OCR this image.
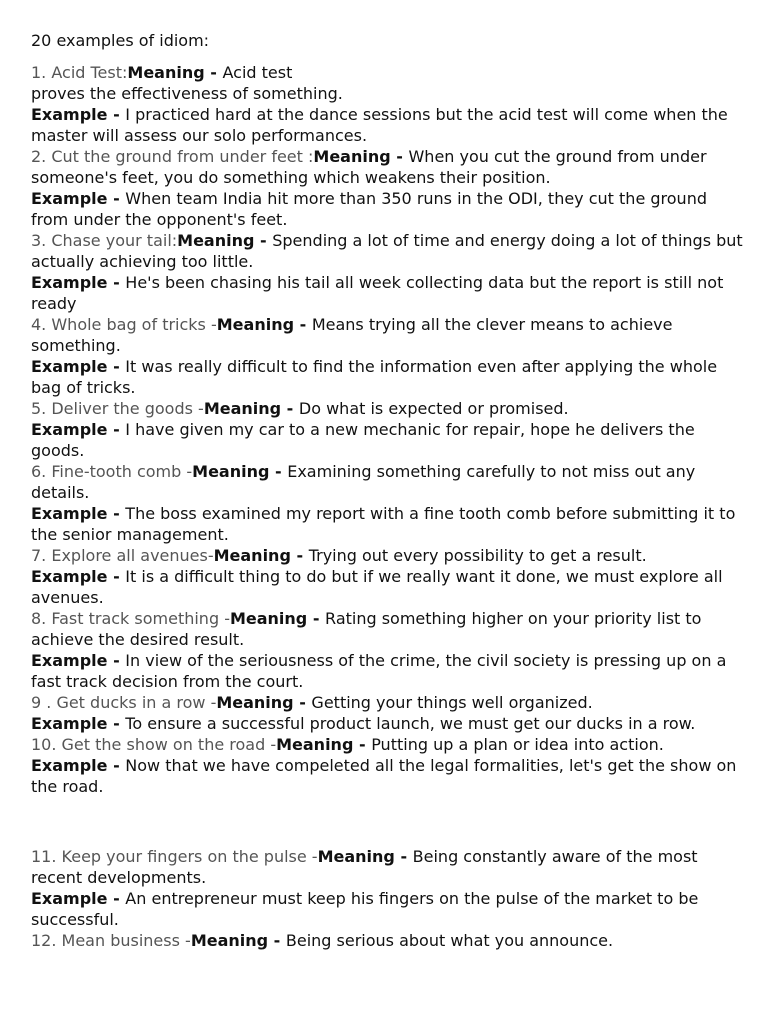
20 examples of idiom:
1. Acid Test:Meaning - Acid test
proves the effectiveness of something.
Example - I practiced hard at the dance sessions but the acid test will come when the master will assess our solo performances.
2. Cut the ground from under feet :Meaning - When you cut the ground from under someone's feet, you do something which weakens their position.
Example - When team India hit more than 350 runs in the ODI, they cut the ground from under the opponent's feet.
3. Chase your tail:Meaning - Spending a lot of time and energy doing a lot of things but actually achieving too little.
Example - He's been chasing his tail all week collecting data but the report is still not ready
4. Whole bag of tricks -Meaning - Means trying all the clever means to achieve something.
Example - It was really difficult to find the information even after applying the whole bag of tricks.
5. Deliver the goods -Meaning - Do what is expected or promised.
Example - I have given my car to a new mechanic for repair, hope he delivers the goods.
6. Fine-tooth comb -Meaning - Examining something carefully to not miss out any details.
Example - The boss examined my report with a fine tooth comb before submitting it to the senior management.
7. Explore all avenues-Meaning - Trying out every possibility to get a result.
Example - It is a difficult thing to do but if we really want it done, we must explore all avenues.
8. Fast track something -Meaning - Rating something higher on your priority list to achieve the desired result.
Example - In view of the seriousness of the crime, the civil society is pressing up on a fast track decision from the court.
9 . Get ducks in a row -Meaning - Getting your things well organized.
Example - To ensure a successful product launch, we must get our ducks in a row.
10. Get the show on the road -Meaning - Putting up a plan or idea into action.
Example - Now that we have compeleted all the legal formalities, let's get the show on the road.
11. Keep your fingers on the pulse -Meaning - Being constantly aware of the most recent developments.
Example - An entrepreneur must keep his fingers on the pulse of the market to be successful.
12. Mean business -Meaning - Being serious about what you announce.
